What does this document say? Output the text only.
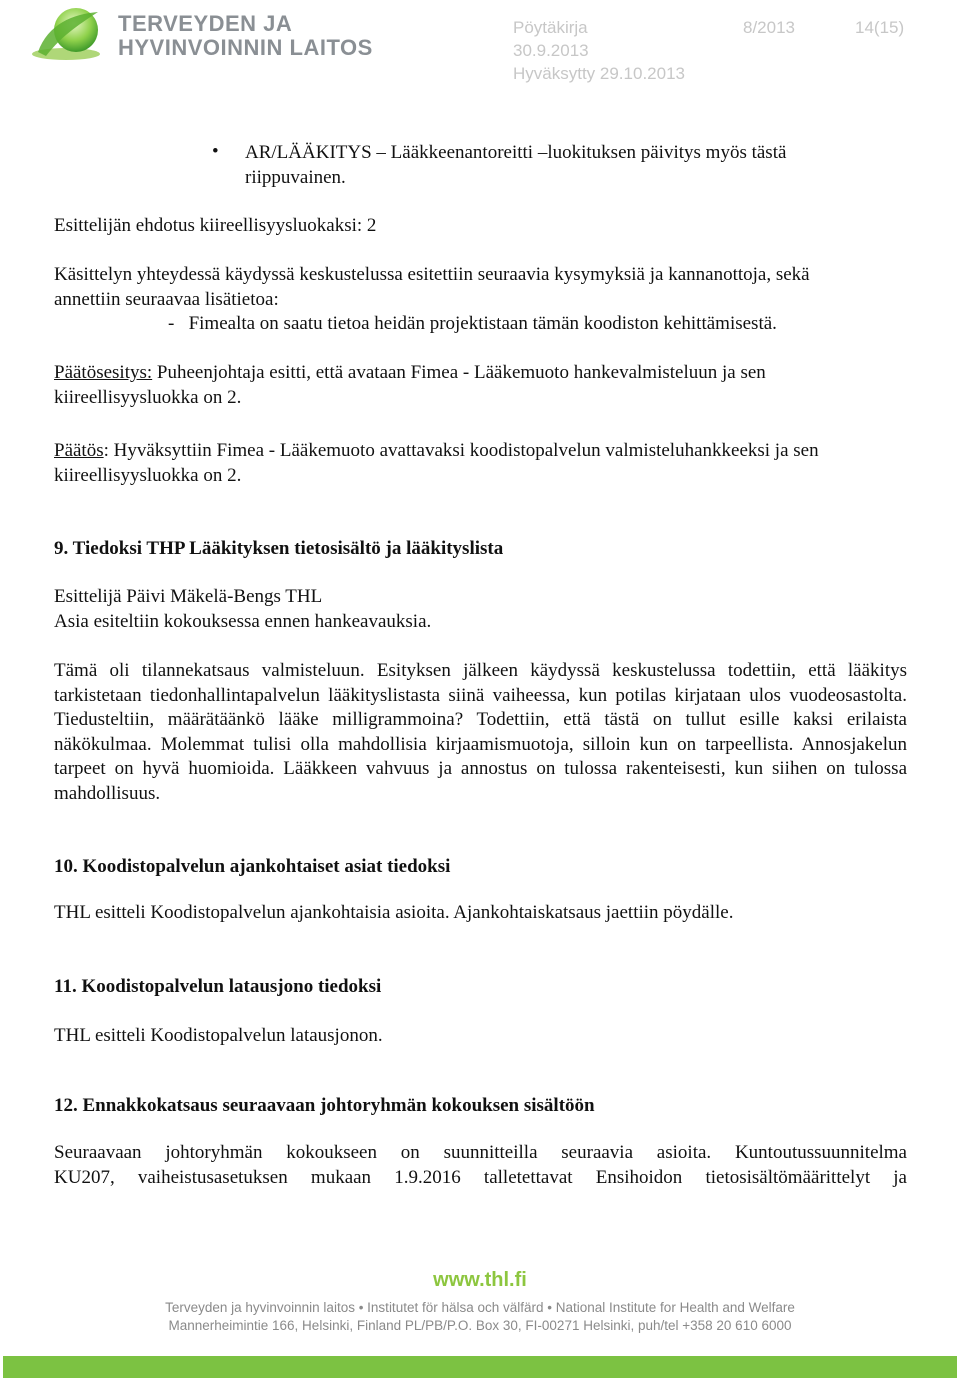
TERVEYDEN JA
HYVINVOINNIN LAITOS
Pöytäkirja	8/2013	14(15)
30.9.2013
Hyväksytty 29.10.2013
• AR/LÄÄKITYS – Lääkkeenantoreitti –luokituksen päivitys myös tästä
riippuvainen.
Esittelijän ehdotus kiireellisyysluokaksi: 2
Käsittelyn yhteydessä käydyssä keskustelussa esitettiin seuraavia kysymyksiä ja kannanottoja, sekä
annettiin seuraavaa lisätietoa:
-   Fimealta on saatu tietoa heidän projektistaan tämän koodiston kehittämisestä.
Päätösesitys: Puheenjohtaja esitti, että avataan Fimea - Lääkemuoto hankevalmisteluun ja sen kiireellisyysluokka on 2.
Päätös: Hyväksyttiin Fimea - Lääkemuoto avattavaksi koodistopalvelun valmisteluhankkeeksi ja sen kiireellisyysluokka on 2.
9. Tiedoksi THP Lääkityksen tietosisältö ja lääkityslista
Esittelijä Päivi Mäkelä-Bengs THL
Asia esiteltiin kokouksessa ennen hankeavauksia.
Tämä oli tilannekatsaus valmisteluun. Esityksen jälkeen käydyssä keskustelussa todettiin, että lääkitys tarkistetaan tiedonhallintapalvelun lääkityslistasta siinä vaiheessa, kun potilas kirjataan ulos vuodeosastolta. Tiedusteltiin, määrätäänkö lääke milligrammoina? Todettiin, että tästä on tullut esille kaksi erilaista näkökulmaa. Molemmat tulisi olla mahdollisia kirjaamismuotoja, silloin kun on tarpeellista. Annosjakelun tarpeet on hyvä huomioida. Lääkkeen vahvuus ja annostus on tulossa rakenteisesti, kun siihen on tulossa mahdollisuus.
10. Koodistopalvelun ajankohtaiset asiat tiedoksi
THL esitteli Koodistopalvelun ajankohtaisia asioita. Ajankohtaiskatsaus jaettiin pöydälle.
11. Koodistopalvelun latausjono tiedoksi
THL esitteli Koodistopalvelun latausjonon.
12. Ennakkokatsaus seuraavaan johtoryhmän kokouksen sisältöön
Seuraavaan johtoryhmän kokoukseen on suunnitteilla seuraavia asioita. Kuntoutussuunnitelma
KU207, vaiheistusasetuksen mukaan 1.9.2016 talletettavat Ensihoidon tietosisältömäärittelyt ja
www.thl.fi
Terveyden ja hyvinvoinnin laitos • Institutet för hälsa och välfärd • National Institute for Health and Welfare
Mannerheimintie 166, Helsinki, Finland PL/PB/P.O. Box 30, FI-00271 Helsinki, puh/tel +358 20 610 6000
